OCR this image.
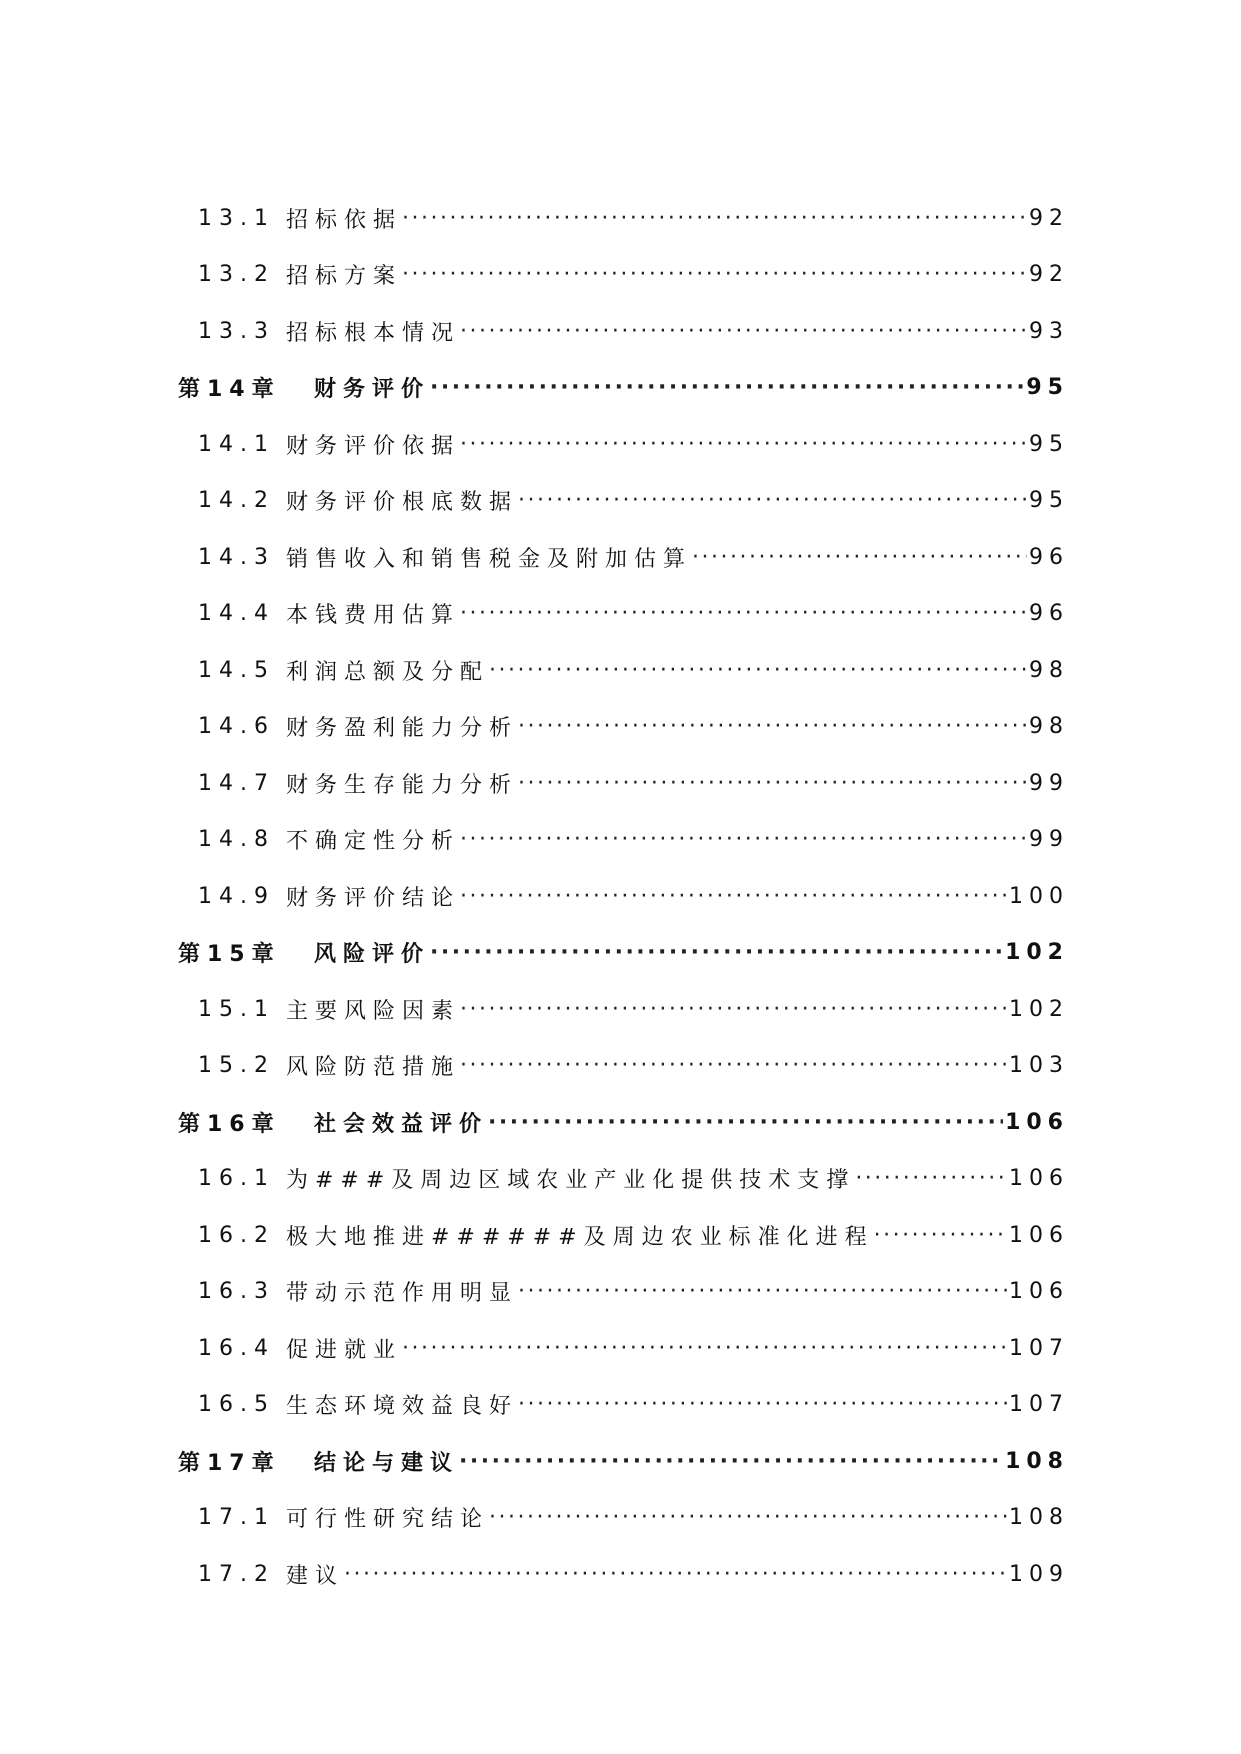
13.1 招标依据 ·····	92
13.2 招标方案 ·····	92
13.3 招标根本情况 ·····	93
第14章	财务评价 ·····	95
14.1 财务评价依据 ·····	95
14.2 财务评价根底数据 ·····	95
14.3 销售收入和销售税金及附加估算 ·····	96
14.4 本钱费用估算 ·····	96
14.5 利润总额及分配 ·····	98
14.6 财务盈利能力分析 ·····	98
14.7 财务生存能力分析 ·····	99
14.8 不确定性分析 ·····	99
14.9 财务评价结论 ·····	100
第15章	风险评价 ·····	102
15.1 主要风险因素 ·····	102
15.2 风险防范措施 ·····	103
第16章	社会效益评价 ·····	106
16.1 为###及周边区域农业产业化提供技术支撑 ·····	106
16.2 极大地推进######及周边农业标准化进程 ·····	106
16.3 带动示范作用明显 ·····	106
16.4 促进就业 ·····	107
16.5 生态环境效益良好 ·····	107
第17章	结论与建议 ·····	108
17.1 可行性研究结论 ·····	108
17.2 建议 ·····	109
